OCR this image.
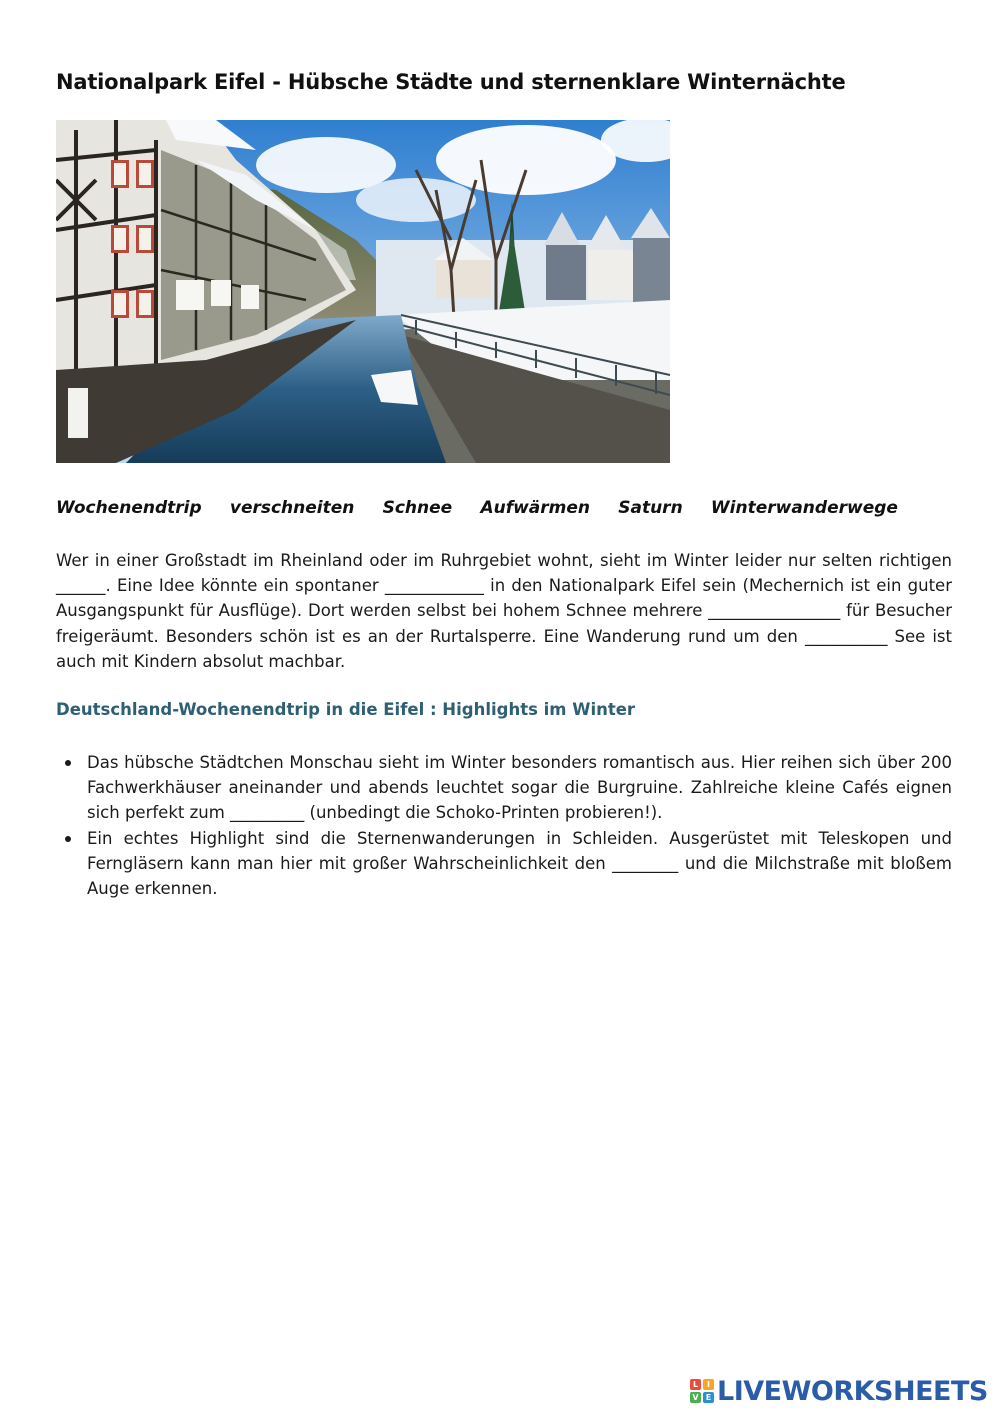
Nationalpark Eifel - Hübsche Städte und sternenklare Winternächte
Wochenendtrip verschneiten Schnee Aufwärmen Saturn Winterwanderwege
Wer in einer Großstadt im Rheinland oder im Ruhrgebiet wohnt, sieht im Winter leider nur selten richtigen ______. Eine Idee könnte ein spontaner ____________ in den Nationalpark Eifel sein (Mechernich ist ein guter Ausgangspunkt für Ausflüge). Dort werden selbst bei hohem Schnee mehrere ________________ für Besucher freigeräumt. Besonders schön ist es an der Rurtalsperre. Eine Wanderung rund um den __________ See ist auch mit Kindern absolut machbar.
Deutschland-Wochenendtrip in die Eifel : Highlights im Winter
Das hübsche Städtchen Monschau sieht im Winter besonders romantisch aus. Hier reihen sich über 200 Fachwerkhäuser aneinander und abends leuchtet sogar die Burgruine. Zahlreiche kleine Cafés eignen sich perfekt zum _________ (unbedingt die Schoko-Printen probieren!).
Ein echtes Highlight sind die Sternenwanderungen in Schleiden. Ausgerüstet mit Teleskopen und Ferngläsern kann man hier mit großer Wahrscheinlichkeit den ________ und die Milchstraße mit bloßem Auge erkennen.
L	I
V E LIVEWORKSHEETS
